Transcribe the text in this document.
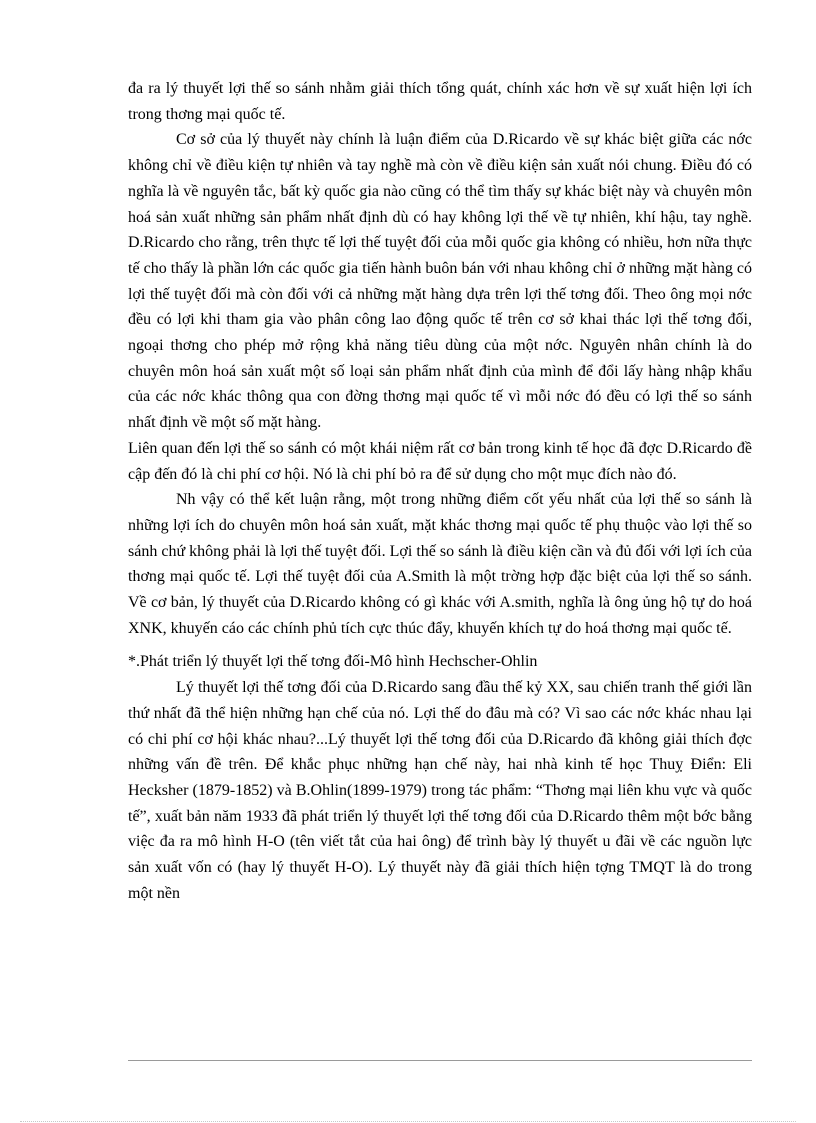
đa ra lý thuyết lợi thế so sánh nhằm giải thích tổng quát, chính xác hơn về sự xuất hiện lợi ích trong thơng mại quốc tế.

Cơ sở của lý thuyết này chính là luận điểm của D.Ricardo về sự khác biệt giữa các nớc không chỉ về điều kiện tự nhiên và tay nghề mà còn về điều kiện sản xuất nói chung. Điều đó có nghĩa là về nguyên tắc, bất kỳ quốc gia nào cũng có thể tìm thấy sự khác biệt này và chuyên môn hoá sản xuất những sản phẩm nhất định dù có hay không lợi thế về tự nhiên, khí hậu, tay nghề. D.Ricardo cho rằng, trên thực tế lợi thế tuyệt đối của mỗi quốc gia không có nhiều, hơn nữa thực tế cho thấy là phần lớn các quốc gia tiến hành buôn bán với nhau không chỉ ở những mặt hàng có lợi thế tuyệt đối mà còn đối với cả những mặt hàng dựa trên lợi thế tơng đối. Theo ông mọi nớc đều có lợi khi tham gia vào phân công lao động quốc tế trên cơ sở khai thác lợi thế tơng đối, ngoại thơng cho phép mở rộng khả năng tiêu dùng của một nớc. Nguyên nhân chính là do chuyên môn hoá sản xuất một số loại sản phẩm nhất định của mình để đổi lấy hàng nhập khẩu của các nớc khác thông qua con đờng thơng mại quốc tế vì mỗi nớc đó đều có lợi thế so sánh nhất định về một số mặt hàng.

Liên quan đến lợi thế so sánh có một khái niệm rất cơ bản trong kinh tế học đã đợc D.Ricardo đề cập đến đó là chi phí cơ hội. Nó là chi phí bỏ ra để sử dụng cho một mục đích nào đó.

Nh vậy có thể kết luận rằng, một trong những điểm cốt yếu nhất của lợi thế so sánh là những lợi ích do chuyên môn hoá sản xuất, mặt khác thơng mại quốc tế phụ thuộc vào lợi thế so sánh chứ không phải là lợi thế tuyệt đối. Lợi thế so sánh là điều kiện cần và đủ đối với lợi ích của thơng mại quốc tế. Lợi thế tuyệt đối của A.Smith là một trờng hợp đặc biệt của lợi thế so sánh. Về cơ bản, lý thuyết của D.Ricardo không có gì khác với A.smith, nghĩa là ông ủng hộ tự do hoá XNK, khuyến cáo các chính phủ tích cực thúc đẩy, khuyến khích tự do hoá thơng mại quốc tế.

*.Phát triển lý thuyết lợi thế tơng đối-Mô hình Hechscher-Ohlin

Lý thuyết lợi thế tơng đối của D.Ricardo sang đầu thế kỷ XX, sau chiến tranh thế giới lần thứ nhất đã thể hiện những hạn chế của nó. Lợi thế do đâu mà có? Vì sao các nớc khác nhau lại có chi phí cơ hội khác nhau?...Lý thuyết lợi thế tơng đối của D.Ricardo đã không giải thích đợc những vấn đề trên. Để khắc phục những hạn chế này, hai nhà kinh tế học Thuỵ Điển: Eli Hecksher (1879-1852) và B.Ohlin(1899-1979) trong tác phẩm: “Thơng mại liên khu vực và quốc tế”, xuất bản năm 1933 đã phát triển lý thuyết lợi thế tơng đối của D.Ricardo thêm một bớc bằng việc đa ra mô hình H-O (tên viết tắt của hai ông) để trình bày lý thuyết u đãi về các nguồn lực sản xuất vốn có (hay lý thuyết H-O). Lý thuyết này đã giải thích hiện tợng TMQT là do trong một nền
